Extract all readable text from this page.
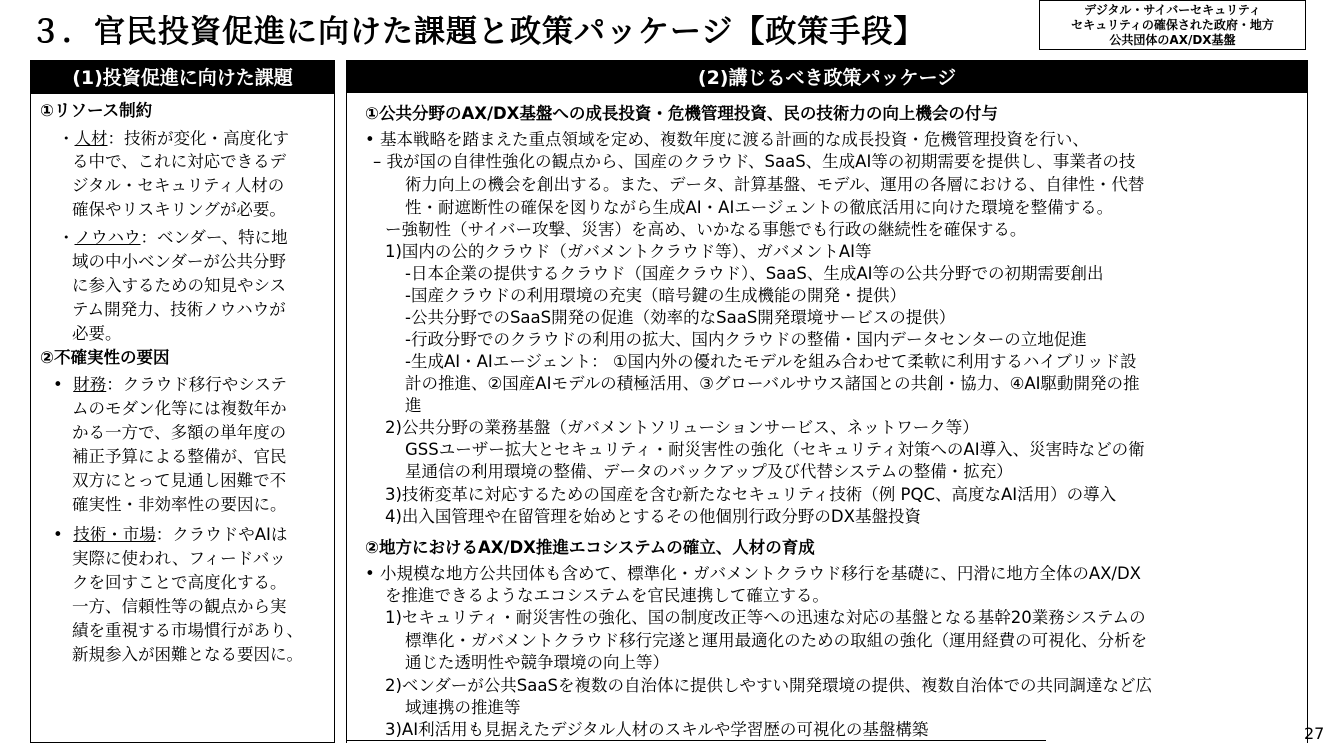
３．官民投資促進に向けた課題と政策パッケージ【政策手段】
デジタル・サイバーセキュリティ
セキュリティの確保された政府・地方
公共団体のAX/DX基盤
(1)投資促進に向けた課題	(2)講じるべき政策パッケージ
①リソース制約
・人材：技術が変化・高度化す
る中で、これに対応できるデ
ジタル・セキュリティ人材の
確保やリスキリングが必要。
・ノウハウ：ベンダー、特に地
域の中小ベンダーが公共分野
に参入するための知見やシス
テム開発力、技術ノウハウが
必要。
②不確実性の要因
•  財務：クラウド移行やシステ
ムのモダン化等には複数年か
かる一方で、多額の単年度の
補正予算による整備が、官民
双方にとって見通し困難で不
確実性・非効率性の要因に。
•  技術・市場：クラウドやAIは
実際に使われ、フィードバッ
クを回すことで高度化する。
一方、信頼性等の観点から実
績を重視する市場慣行があり、
新規参入が困難となる要因に。
①公共分野のAX/DX基盤への成長投資・危機管理投資、民の技術力の向上機会の付与
• 基本戦略を踏まえた重点領域を定め、複数年度に渡る計画的な成長投資・危機管理投資を行い、
– 我が国の自律性強化の観点から、国産のクラウド、SaaS、生成AI等の初期需要を提供し、事業者の技
術力向上の機会を創出する。また、データ、計算基盤、モデル、運用の各層における、自律性・代替
性・耐遮断性の確保を図りながら生成AI・AIエージェントの徹底活用に向けた環境を整備する。
ー強靭性（サイバー攻撃、災害）を高め、いかなる事態でも行政の継続性を確保する。
1)国内の公的クラウド（ガバメントクラウド等）、ガバメントAI等
-日本企業の提供するクラウド（国産クラウド）、SaaS、生成AI等の公共分野での初期需要創出
-国産クラウドの利用環境の充実（暗号鍵の生成機能の開発・提供）
-公共分野でのSaaS開発の促進（効率的なSaaS開発環境サービスの提供）
-行政分野でのクラウドの利用の拡大、国内クラウドの整備・国内データセンターの立地促進
-生成AI・AIエージェント： ①国内外の優れたモデルを組み合わせて柔軟に利用するハイブリッド設
計の推進、②国産AIモデルの積極活用、③グローバルサウス諸国との共創・協力、④AI駆動開発の推
進
2)公共分野の業務基盤（ガバメントソリューションサービス、ネットワーク等）
GSSユーザー拡大とセキュリティ・耐災害性の強化（セキュリティ対策へのAI導入、災害時などの衛
星通信の利用環境の整備、データのバックアップ及び代替システムの整備・拡充）
3)技術変革に対応するための国産を含む新たなセキュリティ技術（例 PQC、高度なAI活用）の導入
4)出入国管理や在留管理を始めとするその他個別行政分野のDX基盤投資
②地方におけるAX/DX推進エコシステムの確立、人材の育成
• 小規模な地方公共団体も含めて、標準化・ガバメントクラウド移行を基礎に、円滑に地方全体のAX/DX
を推進できるようなエコシステムを官民連携して確立する。
1)セキュリティ・耐災害性の強化、国の制度改正等への迅速な対応の基盤となる基幹20業務システムの
標準化・ガバメントクラウド移行完遂と運用最適化のための取組の強化（運用経費の可視化、分析を
通じた透明性や競争環境の向上等）
2)ベンダーが公共SaaSを複数の自治体に提供しやすい開発環境の提供、複数自治体での共同調達など広
域連携の推進等
3)AI利活用も見据えたデジタル人材のスキルや学習歴の可視化の基盤構築	27
